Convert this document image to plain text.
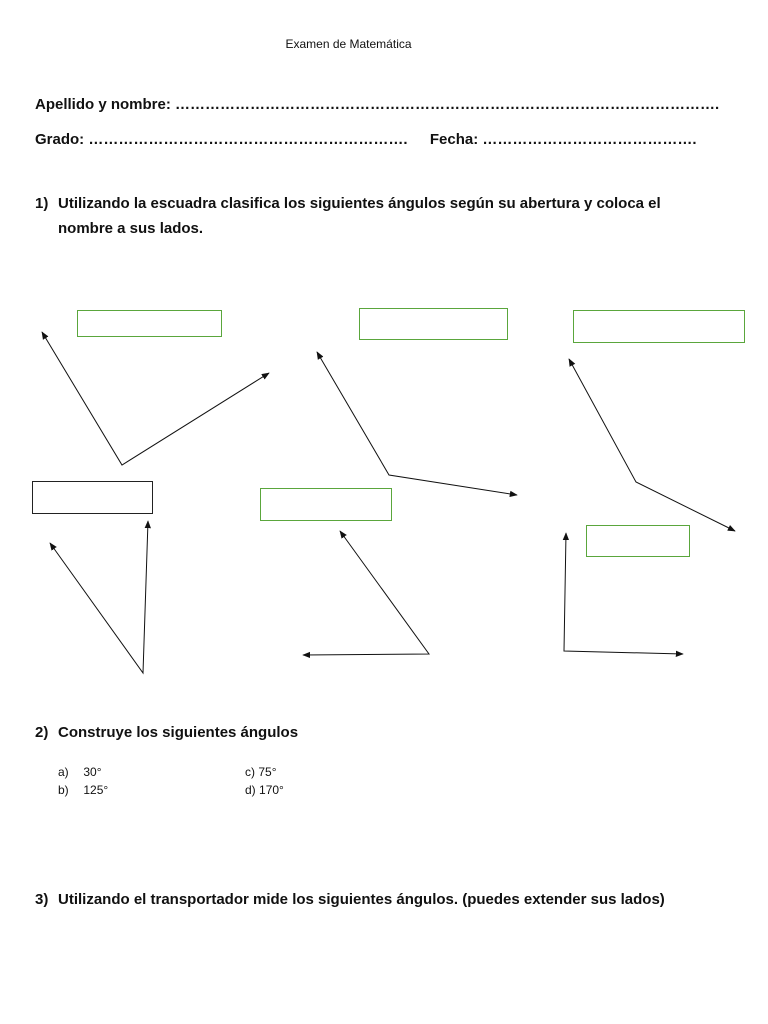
Examen de Matemática
Apellido y nombre: ……………………………………………………………………………………………….
Grado: ………………………………………………………. Fecha: …………………………………….
1) Utilizando la escuadra clasifica los siguientes ángulos según su abertura y coloca el nombre a sus lados.
2) Construye los siguientes ángulos
a) 30°
b) 125°
c) 75°
d) 170°
3) Utilizando el transportador mide los siguientes ángulos. (puedes extender sus lados)
